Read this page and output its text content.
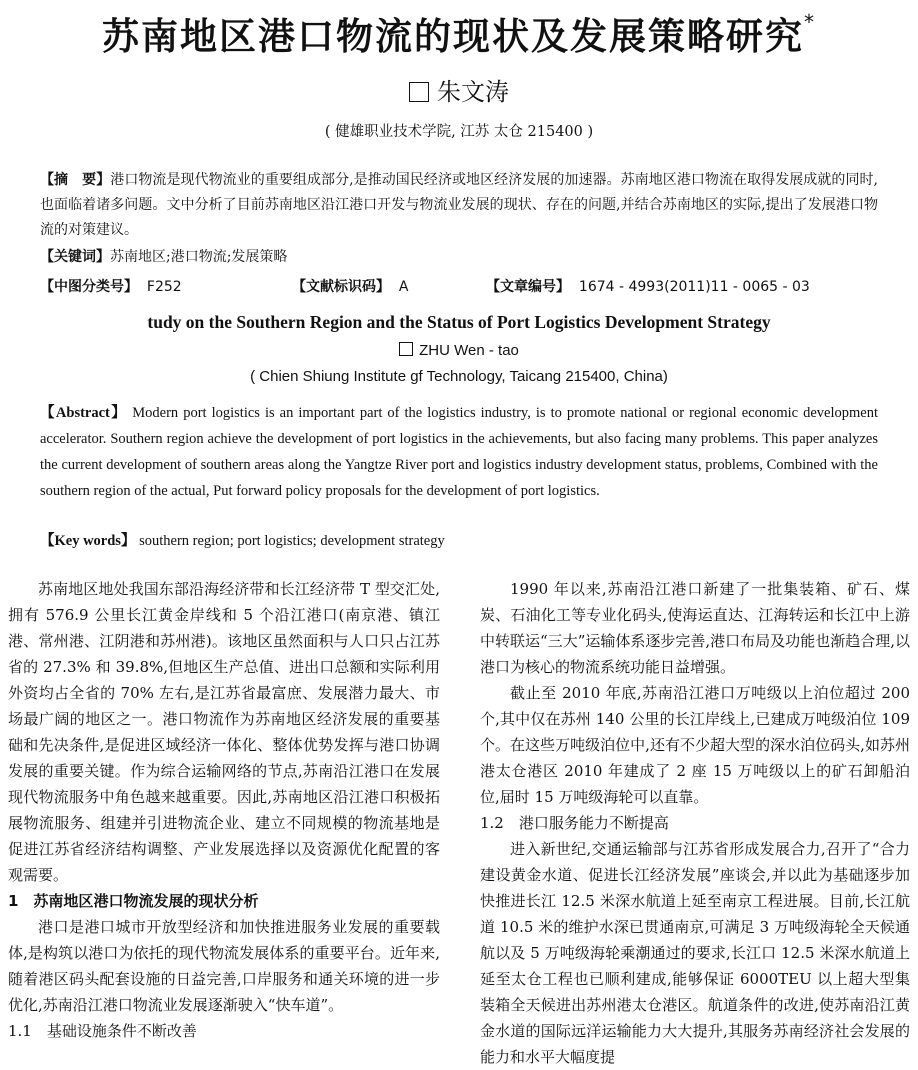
苏南地区港口物流的现状及发展策略研究*
朱文涛
( 健雄职业技术学院, 江苏 太仓 215400 )
【摘　要】港口物流是现代物流业的重要组成部分,是推动国民经济或地区经济发展的加速器。苏南地区港口物流在取得发展成就的同时,也面临着诸多问题。文中分析了目前苏南地区沿江港口开发与物流业发展的现状、存在的问题,并结合苏南地区的实际,提出了发展港口物流的对策建议。
【关键词】苏南地区;港口物流;发展策略
【中图分类号】 F252	【文献标识码】 A	【文章编号】 1674 - 4993(2011)11 - 0065 - 03
tudy on the Southern Region and the Status of Port Logistics Development Strategy
ZHU Wen - tao
( Chien Shiung Institute gf Technology, Taicang 215400, China)
【Abstract】 Modern port logistics is an important part of the logistics industry, is to promote national or regional economic development accelerator. Southern region achieve the development of port logistics in the achievements, but also facing many problems. This paper analyzes the current development of southern areas along the Yangtze River port and logistics industry development status, problems, Combined with the southern region of the actual, Put forward policy proposals for the development of port logistics.
【Key words】 southern region; port logistics; development strategy

苏南地区地处我国东部沿海经济带和长江经济带 T 型交汇处,拥有 576.9 公里长江黄金岸线和 5 个沿江港口(南京港、镇江港、常州港、江阴港和苏州港)。该地区虽然面积与人口只占江苏省的 27.3% 和 39.8%,但地区生产总值、进出口总额和实际利用外资均占全省的 70% 左右,是江苏省最富庶、发展潜力最大、市场最广阔的地区之一。港口物流作为苏南地区经济发展的重要基础和先决条件,是促进区域经济一体化、整体优势发挥与港口协调发展的重要关键。作为综合运输网络的节点,苏南沿江港口在发展现代物流服务中角色越来越重要。因此,苏南地区沿江港口积极拓展物流服务、组建并引进物流企业、建立不同规模的物流基地是促进江苏省经济结构调整、产业发展选择以及资源优化配置的客观需要。

1　苏南地区港口物流发展的现状分析

港口是港口城市开放型经济和加快推进服务业发展的重要载体,是构筑以港口为依托的现代物流发展体系的重要平台。近年来,随着港区码头配套设施的日益完善,口岸服务和通关环境的进一步优化,苏南沿江港口物流业发展逐渐驶入“快车道”。

1.1　基础设施条件不断改善

1990 年以来,苏南沿江港口新建了一批集装箱、矿石、煤炭、石油化工等专业化码头,使海运直达、江海转运和长江中上游中转联运“三大”运输体系逐步完善,港口布局及功能也渐趋合理,以港口为核心的物流系统功能日益增强。

截止至 2010 年底,苏南沿江港口万吨级以上泊位超过 200 个,其中仅在苏州 140 公里的长江岸线上,已建成万吨级泊位 109 个。在这些万吨级泊位中,还有不少超大型的深水泊位码头,如苏州港太仓港区 2010 年建成了 2 座 15 万吨级以上的矿石卸船泊位,届时 15 万吨级海轮可以直靠。

1.2　港口服务能力不断提高

进入新世纪,交通运输部与江苏省形成发展合力,召开了“合力建设黄金水道、促进长江经济发展”座谈会,并以此为基础逐步加快推进长江 12.5 米深水航道上延至南京工程进展。目前,长江航道 10.5 米的维护水深已贯通南京,可满足 3 万吨级海轮全天候通航以及 5 万吨级海轮乘潮通过的要求,长江口 12.5 米深水航道上延至太仓工程也已顺利建成,能够保证 6000TEU 以上超大型集装箱全天候进出苏州港太仓港区。航道条件的改进,使苏南沿江黄金水道的国际远洋运输能力大大提升,其服务苏南经济社会发展的能力和水平大幅度提
